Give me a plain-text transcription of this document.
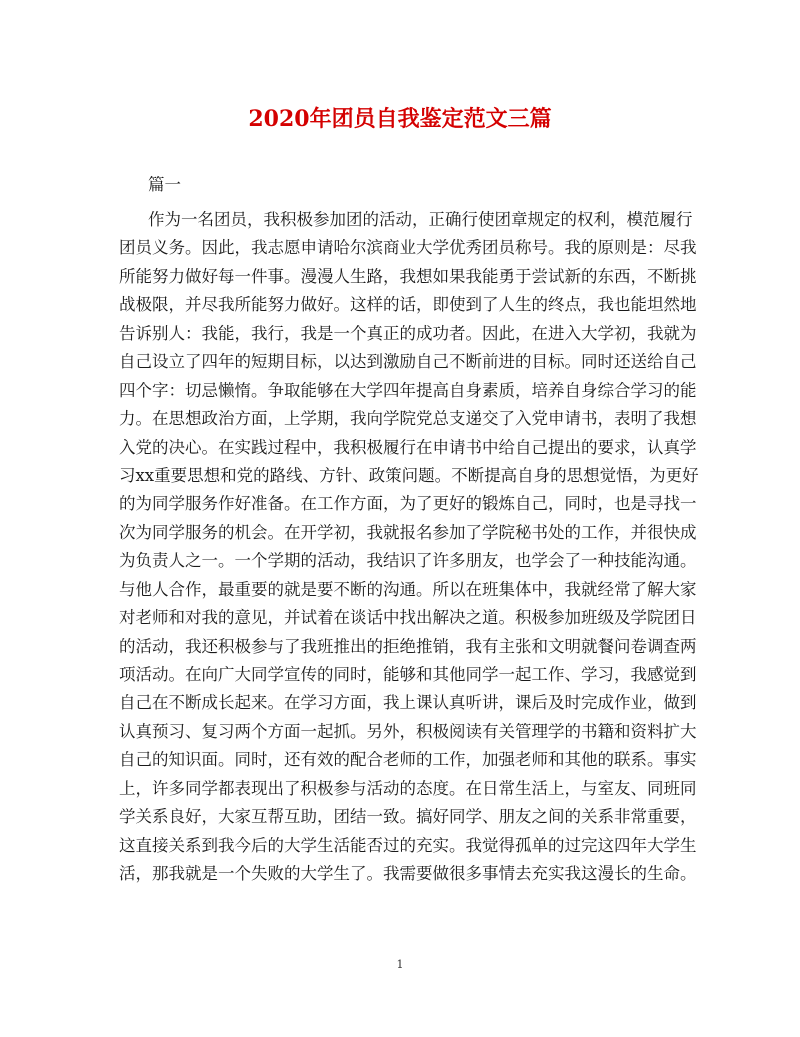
2020年团员自我鉴定范文三篇

篇一

作为一名团员，我积极参加团的活动，正确行使团章规定的权利，模范履行
团员义务。因此，我志愿申请哈尔滨商业大学优秀团员称号。我的原则是：尽我
所能努力做好每一件事。漫漫人生路，我想如果我能勇于尝试新的东西，不断挑
战极限，并尽我所能努力做好。这样的话，即使到了人生的终点，我也能坦然地
告诉别人：我能，我行，我是一个真正的成功者。因此，在进入大学初，我就为
自己设立了四年的短期目标，以达到激励自己不断前进的目标。同时还送给自己
四个字：切忌懒惰。争取能够在大学四年提高自身素质，培养自身综合学习的能
力。在思想政治方面，上学期，我向学院党总支递交了入党申请书，表明了我想
入党的决心。在实践过程中，我积极履行在申请书中给自己提出的要求，认真学
习xx重要思想和党的路线、方针、政策问题。不断提高自身的思想觉悟，为更好
的为同学服务作好准备。在工作方面，为了更好的锻炼自己，同时，也是寻找一
次为同学服务的机会。在开学初，我就报名参加了学院秘书处的工作，并很快成
为负责人之一。一个学期的活动，我结识了许多朋友，也学会了一种技能沟通。
与他人合作，最重要的就是要不断的沟通。所以在班集体中，我就经常了解大家
对老师和对我的意见，并试着在谈话中找出解决之道。积极参加班级及学院团日
的活动，我还积极参与了我班推出的拒绝推销，我有主张和文明就餐问卷调查两
项活动。在向广大同学宣传的同时，能够和其他同学一起工作、学习，我感觉到
自己在不断成长起来。在学习方面，我上课认真听讲，课后及时完成作业，做到
认真预习、复习两个方面一起抓。另外，积极阅读有关管理学的书籍和资料扩大
自己的知识面。同时，还有效的配合老师的工作，加强老师和其他的联系。事实
上，许多同学都表现出了积极参与活动的态度。在日常生活上，与室友、同班同
学关系良好，大家互帮互助，团结一致。搞好同学、朋友之间的关系非常重要，
这直接关系到我今后的大学生活能否过的充实。我觉得孤单的过完这四年大学生
活，那我就是一个失败的大学生了。我需要做很多事情去充实我这漫长的生命。
1
